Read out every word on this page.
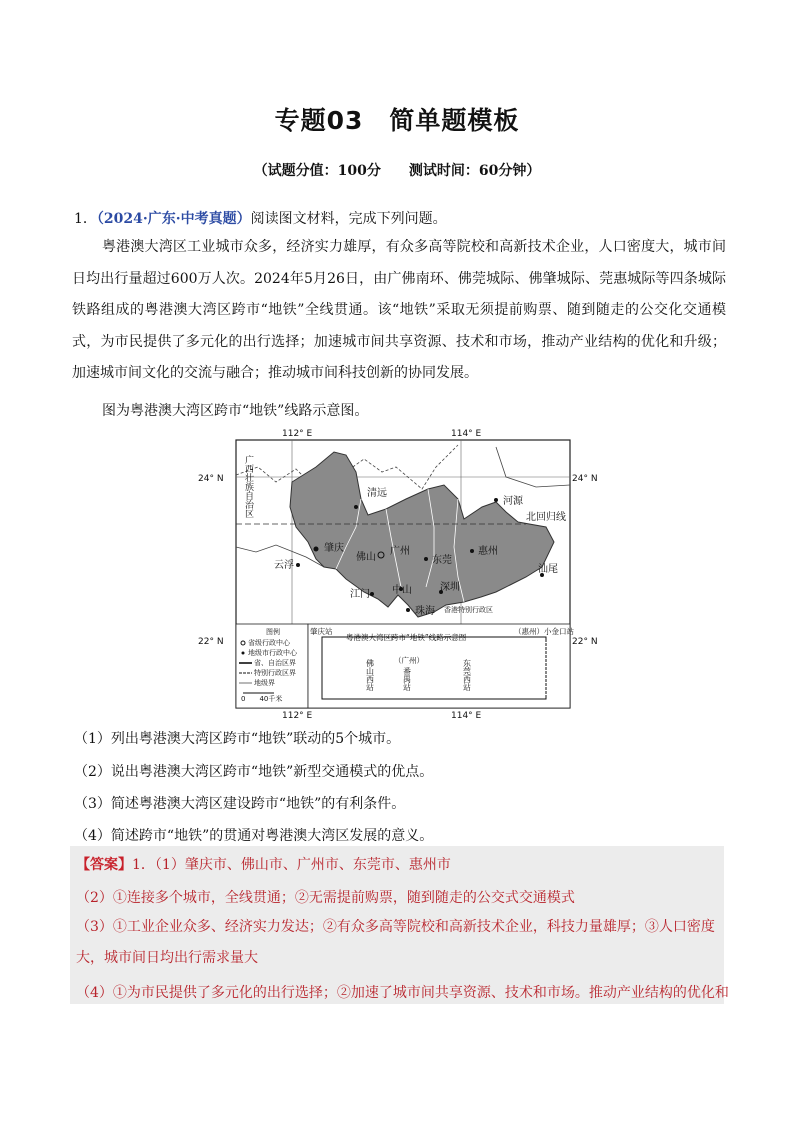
专题03　简单题模板
（试题分值：100分　　测试时间：60分钟）
1．（2024·广东·中考真题）阅读图文材料，完成下列问题。
粤港澳大湾区工业城市众多，经济实力雄厚，有众多高等院校和高新技术企业，人口密度大，城市间日均出行量超过600万人次。2024年5月26日，由广佛南环、佛莞城际、佛肇城际、莞惠城际等四条城际铁路组成的粤港澳大湾区跨市“地铁”全线贯通。该“地铁”采取无须提前购票、随到随走的公交化交通模式，为市民提供了多元化的出行选择；加速城市间共享资源、技术和市场，推动产业结构的优化和升级；加速城市间文化的交流与融合；推动城市间科技创新的协同发展。
图为粤港澳大湾区跨市“地铁”线路示意图。
北回归线
广西壮族自治区
112° E	114° E
112° E	114° E
24° N	24° N
22° N	22° N
清远
河源
肇庆
佛山
广州
东莞
惠州
云浮
江门 中山	深圳
汕尾
珠海 香港特别行政区
图例
省级行政中心
地级市行政中心
省、自治区界
特别行政区界
地级界
0　　40千米
粤港澳大湾区跨市“地铁”线路示意图
肇庆站	（惠州）小金口站
（广州）
佛山西站	番禺站	东莞西站
（1）列出粤港澳大湾区跨市“地铁”联动的5个城市。
（2）说出粤港澳大湾区跨市“地铁”新型交通模式的优点。
（3）简述粤港澳大湾区建设跨市“地铁”的有利条件。
（4）简述跨市“地铁”的贯通对粤港澳大湾区发展的意义。
【答案】1．（1）肇庆市、佛山市、广州市、东莞市、惠州市
（2）①连接多个城市，全线贯通；②无需提前购票，随到随走的公交式交通模式
（3）①工业企业众多、经济实力发达；②有众多高等院校和高新技术企业，科技力量雄厚；③人口密度大，城市间日均出行需求量大
（4）①为市民提供了多元化的出行选择；②加速了城市间共享资源、技术和市场。推动产业结构的优化和
